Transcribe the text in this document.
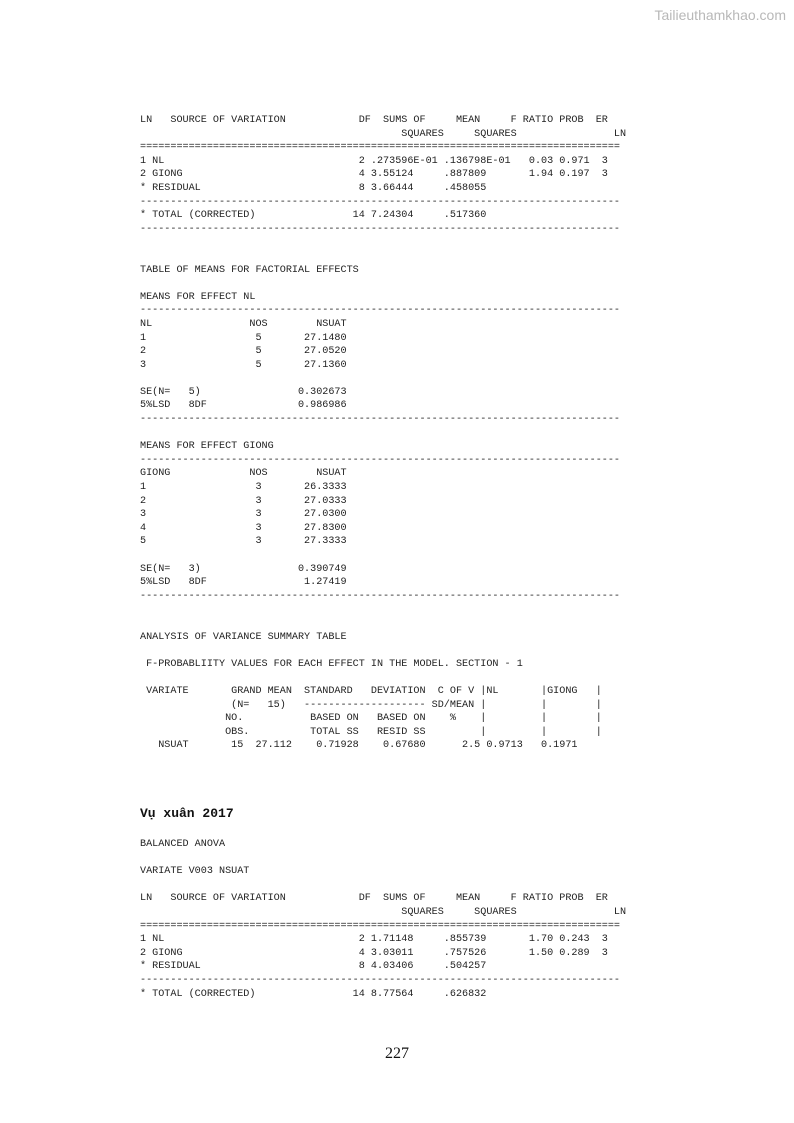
Tailieuthamkhao.com
LN   SOURCE OF VARIATION            DF  SUMS OF     MEAN     F RATIO PROB  ER
SQUARES     SQUARES                LN
===============================================================================
1 NL                                2 .273596E-01 .136798E-01   0.03 0.971  3
2 GIONG                             4 3.55124     .887809       1.94 0.197  3
* RESIDUAL                          8 3.66444     .458055
-------------------------------------------------------------------------------
* TOTAL (CORRECTED)                14 7.24304     .517360
-------------------------------------------------------------------------------

TABLE OF MEANS FOR FACTORIAL EFFECTS

MEANS FOR EFFECT NL
-------------------------------------------------------------------------------
NL                NOS        NSUAT
1                  5       27.1480
2                  5       27.0520
3                  5       27.1360

SE(N=   5)                0.302673
5%LSD   8DF               0.986986
-------------------------------------------------------------------------------

MEANS FOR EFFECT GIONG
-------------------------------------------------------------------------------
GIONG             NOS        NSUAT
1                  3       26.3333
2                  3       27.0333
3                  3       27.0300
4                  3       27.8300
5                  3       27.3333

SE(N=   3)                0.390749
5%LSD   8DF                1.27419
-------------------------------------------------------------------------------

ANALYSIS OF VARIANCE SUMMARY TABLE

F-PROBABLIITY VALUES FOR EACH EFFECT IN THE MODEL. SECTION - 1

VARIATE       GRAND MEAN  STANDARD   DEVIATION  C OF V |NL       |GIONG   |
(N=   15)   -------------------- SD/MEAN |         |        |
NO.           BASED ON   BASED ON    %    |         |        |
OBS.          TOTAL SS   RESID SS         |         |        |
NSUAT       15  27.112    0.71928    0.67680      2.5 0.9713   0.1971
Vụ xuân 2017
BALANCED ANOVA

VARIATE V003 NSUAT

LN   SOURCE OF VARIATION            DF  SUMS OF     MEAN     F RATIO PROB  ER
SQUARES     SQUARES                LN
===============================================================================
1 NL                                2 1.71148     .855739       1.70 0.243  3
2 GIONG                             4 3.03011     .757526       1.50 0.289  3
* RESIDUAL                          8 4.03406     .504257
-------------------------------------------------------------------------------
* TOTAL (CORRECTED)                14 8.77564     .626832
227
